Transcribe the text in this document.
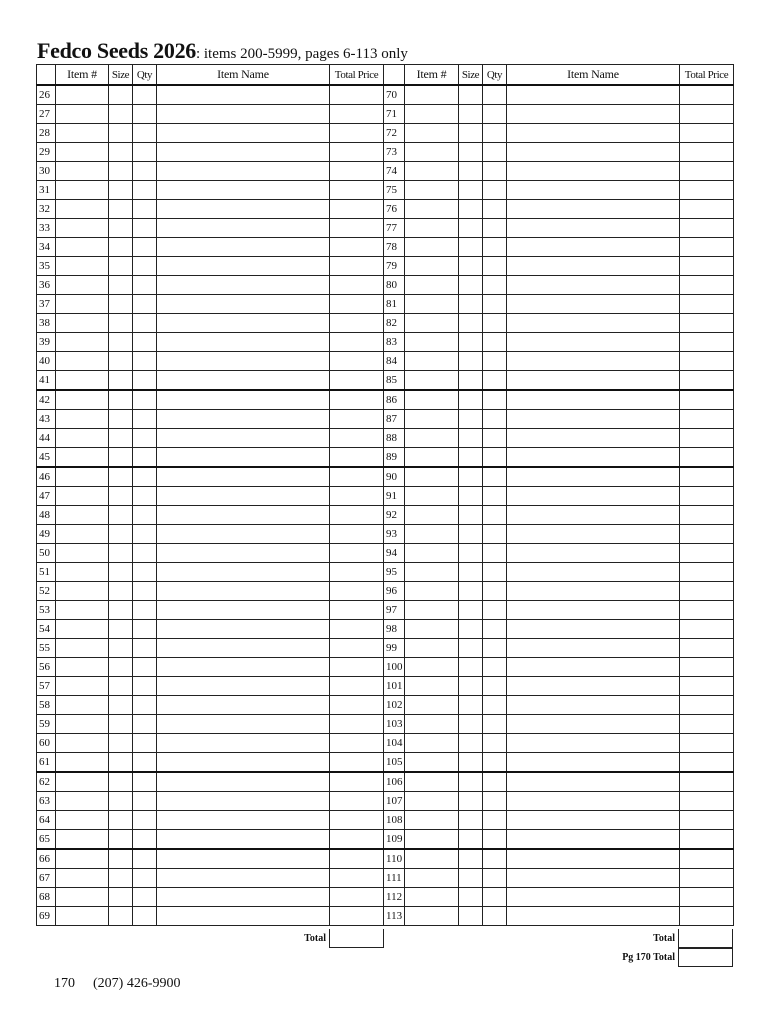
Fedco Seeds 2026: items 200-5999, pages 6-113 only
	Item #	Size	Qty	Item Name	Total Price		Item #	Size	Qty	Item Name	Total Price
26						70					
27						71					
28						72					
29						73					
30						74					
31						75					
32						76					
33						77					
34						78					
35						79					
36						80					
37						81					
38						82					
39						83					
40						84					
41						85					
42						86					
43						87					
44						88					
45						89					
46						90					
47						91					
48						92					
49						93					
50						94					
51						95					
52						96					
53						97					
54						98					
55						99					
56						100					
57						101					
58						102					
59						103					
60						104					
61						105					
62						106					
63						107					
64						108					
65						109					
66						110					
67						111					
68						112					
69						113					
Total	Total
Pg 170 Total
170 (207) 426-9900
